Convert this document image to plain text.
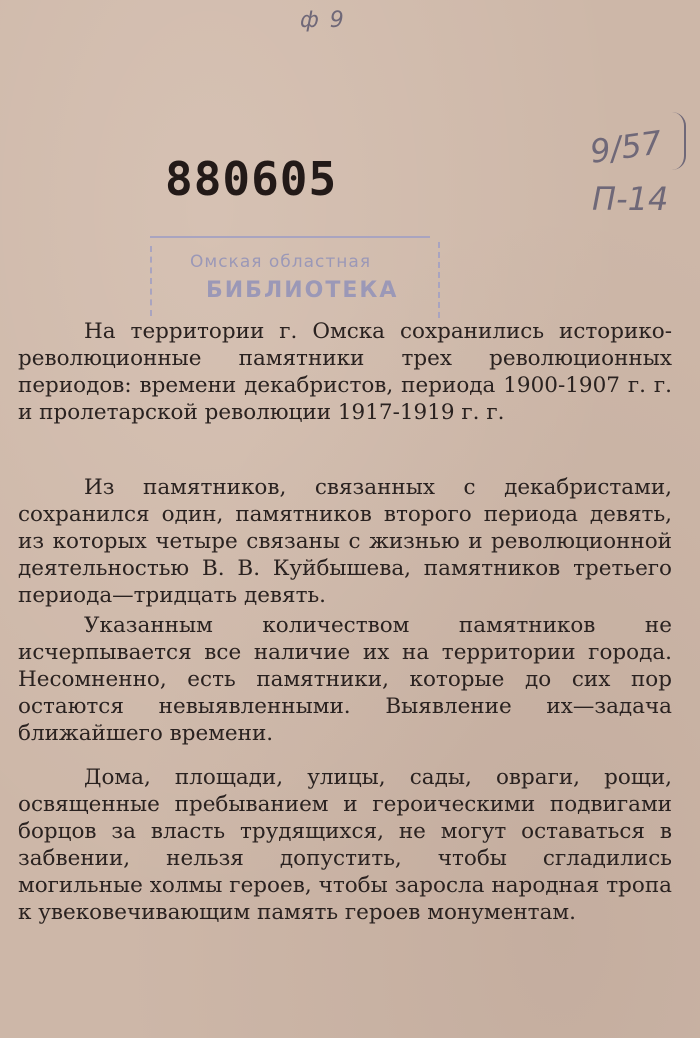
ф 9
9/57
П-14
880605
Омская областная
БИБЛИОТЕКА

На территории г. Омска сохранились историко-революционные памятники трех революционных периодов: времени декабристов, периода 1900-1907 г. г. и пролетарской революции 1917-1919 г. г.

Из памятников, связанных с декабристами, сохранился один, памятников второго периода девять, из которых четыре связаны с жизнью и революционной деятельностью В. В. Куйбышева, памятников третьего периода—тридцать девять.

Указанным количеством памятников не исчерпывается все наличие их на территории города. Несомненно, есть памятники, которые до сих пор остаются невыявленными. Выявление их—задача ближайшего времени.

Дома, площади, улицы, сады, овраги, рощи, освященные пребыванием и героическими подвигами борцов за власть трудящихся, не могут оставаться в забвении, нельзя допустить, чтобы сгладились могильные холмы героев, чтобы заросла народная тропа к увековечивающим память героев монументам.
